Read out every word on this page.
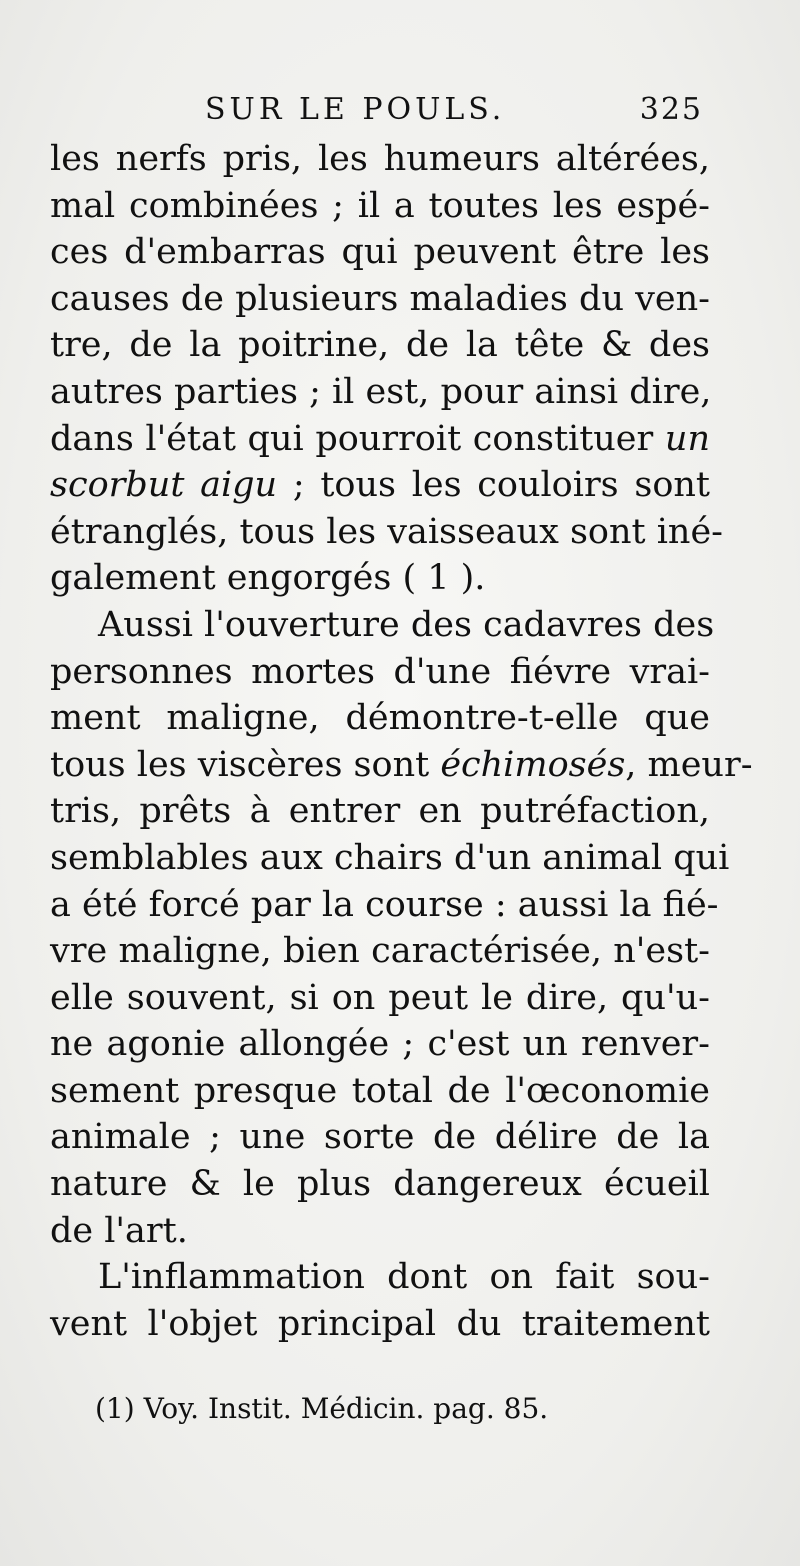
SUR LE POULS.	325
les nerfs pris, les humeurs altérées,
mal combinées ; il a toutes les espé-
ces d'embarras qui peuvent être les
causes de plusieurs maladies du ven-
tre, de la poitrine, de la tête & des
autres parties ; il est, pour ainsi dire,
dans l'état qui pourroit constituer un
scorbut aigu ; tous les couloirs sont
étranglés, tous les vaisseaux sont iné-
galement engorgés ( 1 ).
Aussi l'ouverture des cadavres des
personnes mortes d'une fiévre vrai-
ment maligne, démontre-t-elle que
tous les viscères sont échimosés, meur-
tris, prêts à entrer en putréfaction,
semblables aux chairs d'un animal qui
a été forcé par la course : aussi la fié-
vre maligne, bien caractérisée, n'est-
elle souvent, si on peut le dire, qu'u-
ne agonie allongée ; c'est un renver-
sement presque total de l'œconomie
animale ; une sorte de délire de la
nature & le plus dangereux écueil
de l'art.
L'inflammation dont on fait sou-
vent l'objet principal du traitement
(1) Voy. Instit. Médicin. pag. 85.
